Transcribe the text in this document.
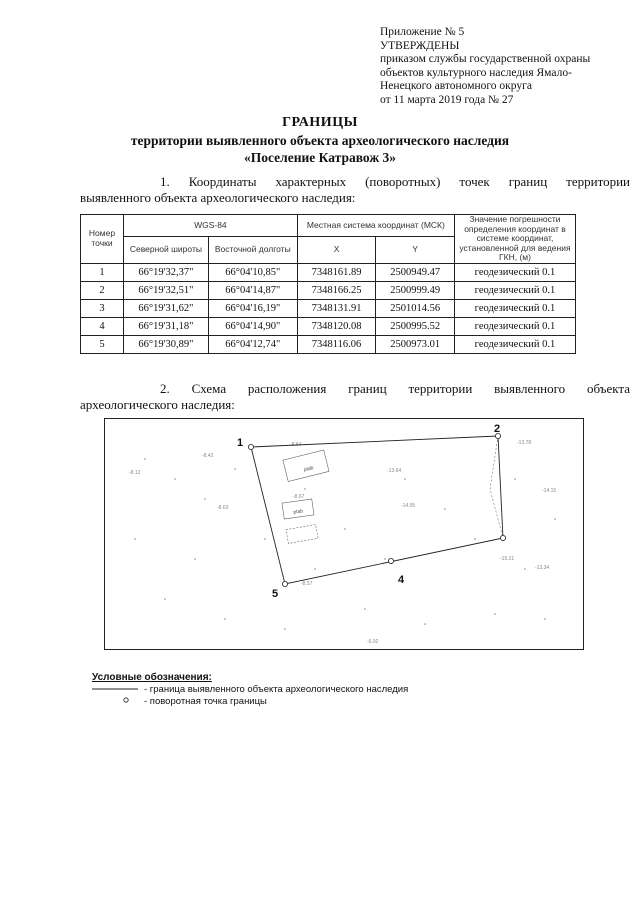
Приложение № 5
УТВЕРЖДЕНЫ
приказом службы государственной охраны
объектов культурного наследия Ямало-
Ненецкого автономного округа
от 11 марта 2019 года № 27
ГРАНИЦЫ
территории выявленного объекта археологического наследия
«Поселение Катравож 3»
1. Координаты характерных (поворотных) точек границ территории
выявленного объекта археологического наследия:
Номер точки	WGS-84		Местная система координат (МСК)		Значение погрешности определения координат в системе координат, установленной для ведения ГКН, (м)
	Северной широты	Восточной долготы	X	Y	
1	66°19'32,37"	66°04'10,85"	7348161.89	2500949.47	геодезический 0.1
2	66°19'32,51"	66°04'14,87"	7348166.25	2500999.49	геодезический 0.1
3	66°19'31,62"	66°04'16,19"	7348131.91	2501014.56	геодезический 0.1
4	66°19'31,18"	66°04'14,90"	7348120.08	2500995.52	геодезический 0.1
5	66°19'30,89"	66°04'12,74"	7348116.06	2500973.01	геодезический 0.1
2. Схема расположения границ территории выявленного объекта
археологического наследия:
-8.42
-8.64
-8.12
-8.67
-8.63
-8.57
-13.78
-14.15
-13.34
-13.64
-6.92
-14.05
-15.21
ptab
ptab
1
2
4
5
Условные обозначения:
- граница выявленного объекта археологического наследия
- поворотная точка границы
